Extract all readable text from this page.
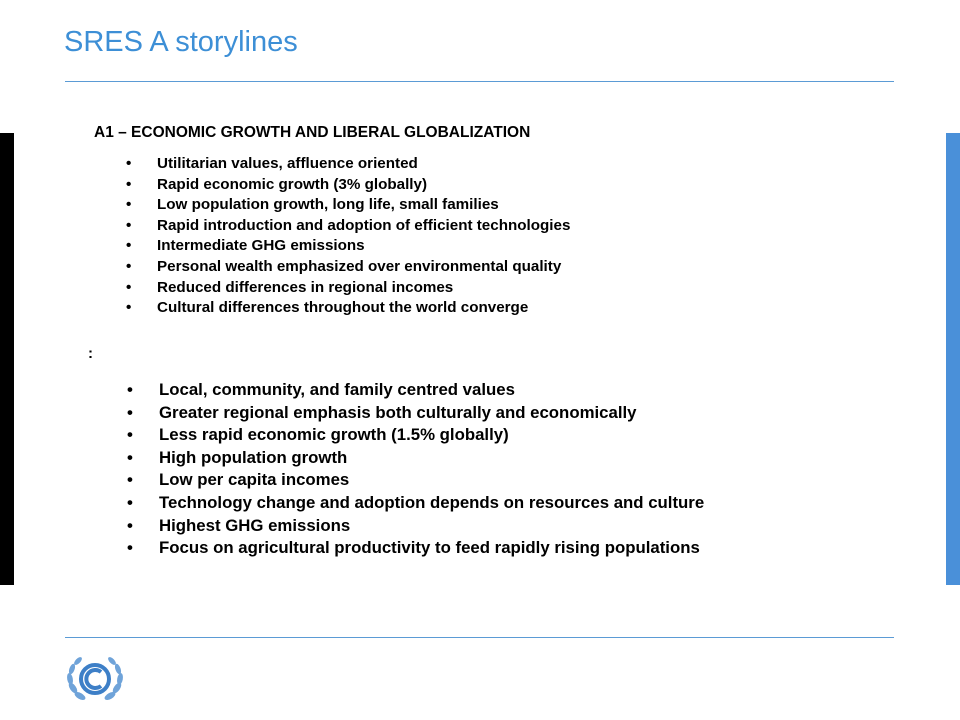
SRES A storylines
A1 – ECONOMIC GROWTH AND LIBERAL GLOBALIZATION
• Utilitarian values, affluence oriented
• Rapid economic growth (3% globally)
• Low population growth, long life, small families
• Rapid introduction and adoption of efficient technologies
• Intermediate GHG emissions
• Personal wealth emphasized over environmental quality
• Reduced differences in regional incomes
• Cultural differences throughout the world converge
:
• Local, community, and family centred values
• Greater regional emphasis both culturally and economically
• Less rapid economic growth (1.5% globally)
• High population growth
• Low per capita incomes
• Technology change and adoption depends on resources and culture
• Highest GHG emissions
• Focus on agricultural productivity to feed rapidly rising populations
